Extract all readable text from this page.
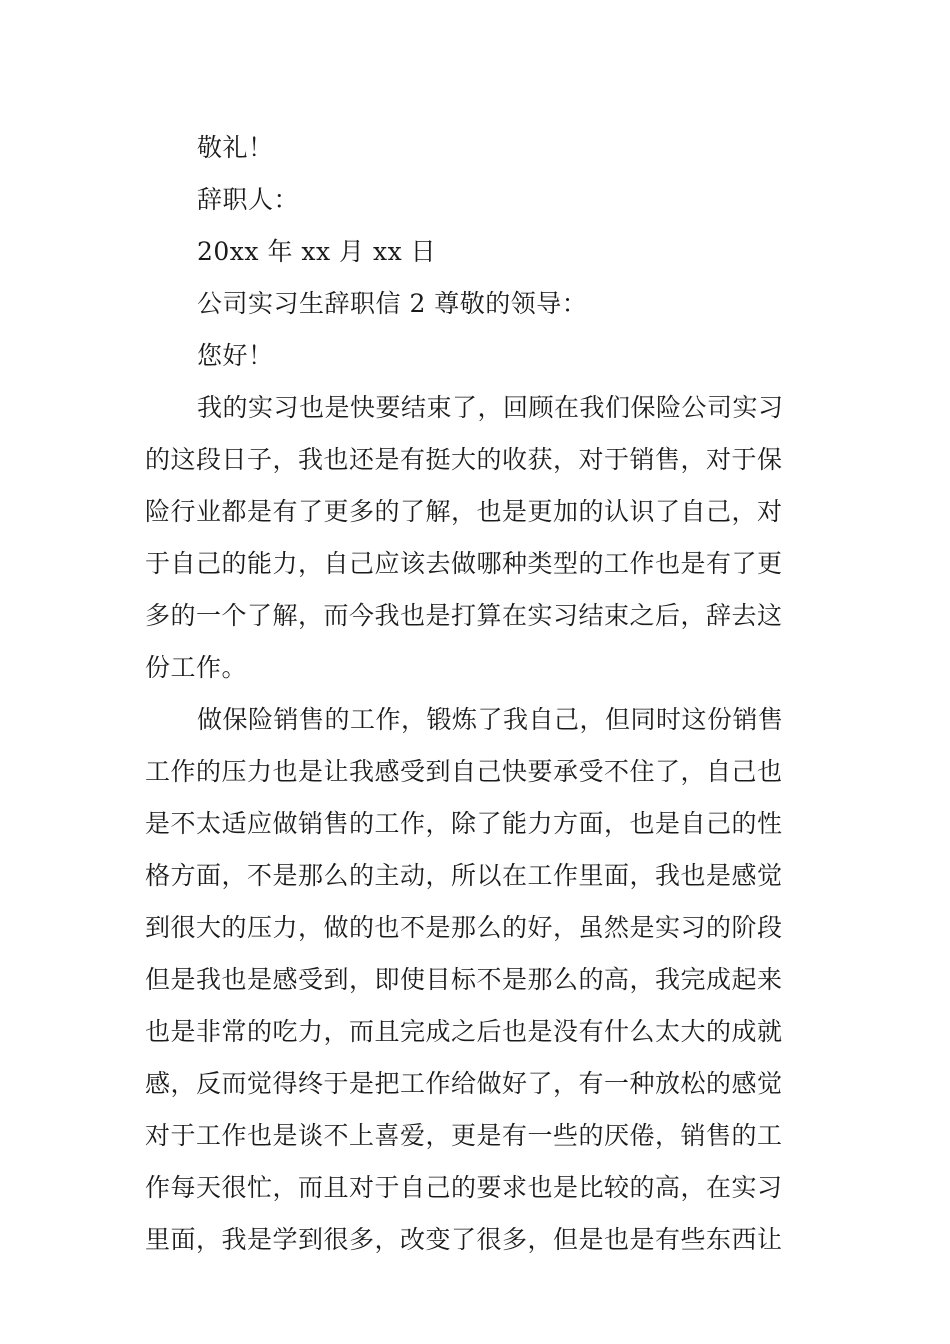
敬礼！
辞职人：
20xx 年 xx 月 xx 日
公司实习生辞职信 2 尊敬的领导：
您好！
我的实习也是快要结束了，回顾在我们保险公司实习
的这段日子，我也还是有挺大的收获，对于销售，对于保
险行业都是有了更多的了解，也是更加的认识了自己，对
于自己的能力，自己应该去做哪种类型的工作也是有了更
多的一个了解，而今我也是打算在实习结束之后，辞去这
份工作。
做保险销售的工作，锻炼了我自己，但同时这份销售
工作的压力也是让我感受到自己快要承受不住了，自己也
是不太适应做销售的工作，除了能力方面，也是自己的性
格方面，不是那么的主动，所以在工作里面，我也是感觉
到很大的压力，做的也不是那么的好，虽然是实习的阶段
但是我也是感受到，即使目标不是那么的高，我完成起来
也是非常的吃力，而且完成之后也是没有什么太大的成就
感，反而觉得终于是把工作给做好了，有一种放松的感觉
对于工作也是谈不上喜爱，更是有一些的厌倦，销售的工
作每天很忙，而且对于自己的要求也是比较的高，在实习
里面，我是学到很多，改变了很多，但是也是有些东西让
